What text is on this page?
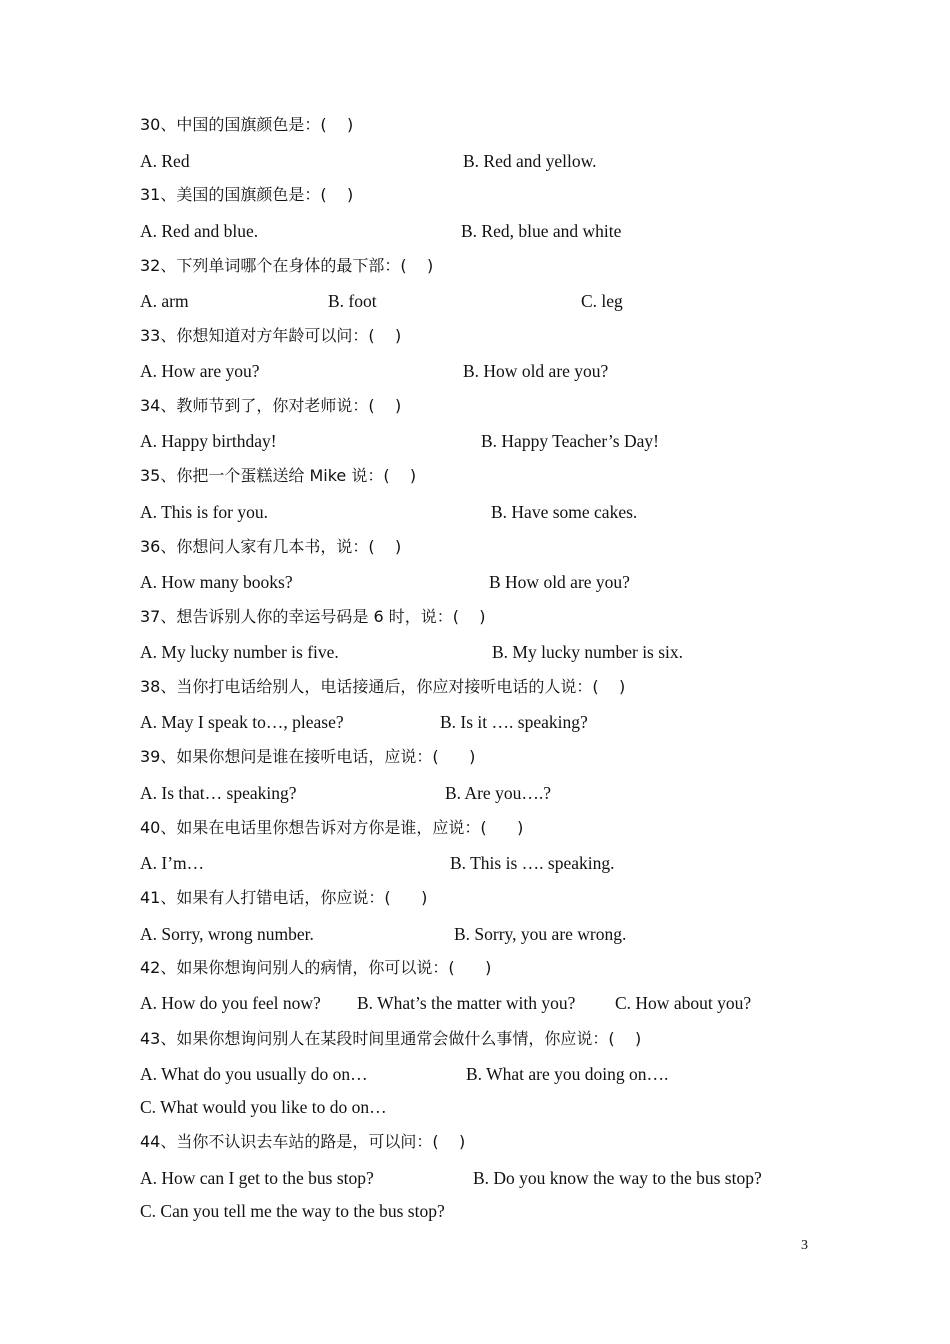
30、中国的国旗颜色是：(    )
A. Red	B. Red and yellow.
31、美国的国旗颜色是：(    )
A. Red and blue.	B. Red, blue and white
32、下列单词哪个在身体的最下部：(    )
A. arm	B. foot	C. leg
33、你想知道对方年龄可以问：(    )
A. How are you?	B. How old are you?
34、教师节到了，你对老师说：(    )
A. Happy birthday!	B. Happy Teacher’s Day!
35、你把一个蛋糕送给 Mike 说：(    )
A. This is for you.	B. Have some cakes.
36、你想问人家有几本书，说：(    )
A. How many books?	B How old are you?
37、想告诉别人你的幸运号码是 6 时，说：(    )
A. My lucky number is five.	B. My lucky number is six.
38、当你打电话给别人，电话接通后，你应对接听电话的人说：(    )
A. May I speak to…, please?	B. Is it …. speaking?
39、如果你想问是谁在接听电话，应说：(      )
A. Is that… speaking?	B. Are you….?
40、如果在电话里你想告诉对方你是谁，应说：(      )
A. I’m…	B. This is …. speaking.
41、如果有人打错电话，你应说：(      )
A. Sorry, wrong number.	B. Sorry, you are wrong.
42、如果你想询问别人的病情，你可以说：(      )
A. How do you feel now? B. What’s the matter with you? C. How about you?
43、如果你想询问别人在某段时间里通常会做什么事情，你应说：(    )
A. What do you usually do on…	B. What are you doing on….
C. What would you like to do on…
44、当你不认识去车站的路是，可以问：(    )
A. How can I get to the bus stop?	B. Do you know the way to the bus stop?
C. Can you tell me the way to the bus stop?
3
